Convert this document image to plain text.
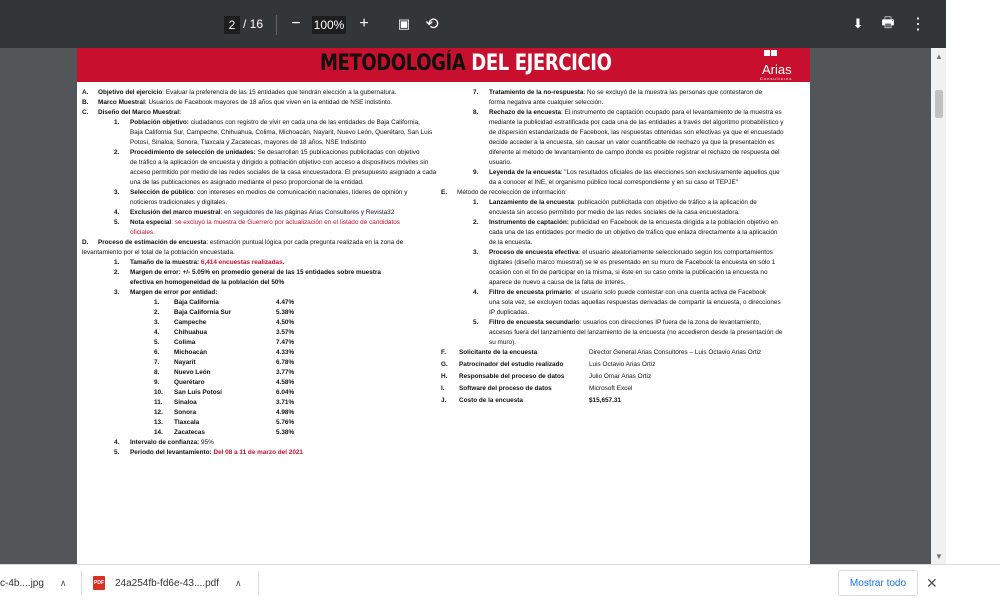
2 / 16	−	100% +	▣ ⟲	⬇	🖶 ⋮
▲
▼
METODOLOGÍA DEL EJERCICIO	Arias
Consultores
A. Objetivo del ejercicio: Evaluar la preferencia de las 15 entidades que tendrán elección a la gubernatura.
B. Marco Muestral: Usuarios de Facebook mayores de 18 años que viven en la entidad de NSE indistinto.
C. Diseño del Marco Muestral:
1. Población objetivo: ciudadanos con registro de vivir en cada una de las entidades de Baja California,
Baja California Sur, Campeche, Chihuahua, Colima, Michoacán, Nayarit, Nuevo León, Querétaro, San Luis
Potosí, Sinaloa, Sonora, Tlaxcala y Zacatecas, mayores de 18 años, NSE Indistinto
2. Procedimiento de selección de unidades: Se desarrollan 15 publicaciones publicitadas con objetivo
de tráfico a la aplicación de encuesta y dirigido a población objetivo con acceso a dispositivos móviles sin
acceso permitido por medio de las redes sociales de la casa encuestadora. El presupuesto asignado a cada
una de las publicaciones es asignado mediante el peso proporcional de la entidad.
3. Selección de público: con intereses en medios de comunicación nacionales, líderes de opinión y
noticieros tradicionales y digitales.
4. Exclusión del marco muestral: en seguidores de las páginas Arias Consultores y Revista32
5. Nota especial: se excluyó la muestra de Guerrero por actualización en el listado de candidatos
oficiales.
D. Proceso de estimación de encuesta: estimación puntual lógica por cada pregunta realizada en la zona de
levantamiento por el total de la población encuestada.
1. Tamaño de la muestra: 6,414 encuestas realizadas.
2. Margen de error: +/- 5.05% en promedio general de las 15 entidades sobre muestra
efectiva en homogeneidad de la población del 50%
3. Margen de error por entidad:
1. Baja California	4.47%
2. Baja California Sur	5.38%
3. Campeche	4.50%
4. Chihuahua	3.57%
5. Colima	7.47%
6. Michoacán	4.33%
7. Nayarit	6.78%
8. Nuevo León	3.77%
9. Querétaro	4.58%
10. San Luis Potosí	6.04%
11. Sinaloa	3.71%
12. Sonora	4.98%
13. Tlaxcala	5.76%
14. Zacatecas	5.38%
4. Intervalo de confianza: 95%
5. Periodo del levantamiento: Del 08 a 11 de marzo del 2021
7. Tratamiento de la no-respuesta: No se excluyó de la muestra las personas que contestaron de
forma negativa ante cualquier selección.
8. Rechazo de la encuesta: El instrumento de captación ocupado para el levantamiento de la muestra es
mediante la publicidad estratificada por cada una de las entidades a través del algoritmo probabilístico y
de dispersión estandarizada de Facebook, las respuestas obtenidas son efectivas ya que el encuestado
decide acceder a la encuesta, sin causar un valor cuantificable de rechazo ya que la presentación es
diferente al método de levantamiento de campo donde es posible registrar el rechazo de respuesta del
usuario.
9. Leyenda de la encuesta: "Los resultados oficiales de las elecciones son exclusivamente aquellos que
da a conocer el INE, el organismo público local correspondiente y en su caso el TEPJE"
E. Método de recolección de información:
1. Lanzamiento de la encuesta: publicación publicitada con objetivo de tráfico a la aplicación de
encuesta sin acceso permitido por medio de las redes sociales de la casa encuestadora.
2. Instrumento de captación: publicidad en Facebook de la encuesta dirigida a la población objetivo en
cada una de las entidades por medio de un objetivo de tráfico que enlaza directamente a la aplicación
de la encuesta.
3. Proceso de encuesta efectiva: el usuario aleatoriamente seleccionado según los comportamientos
digitales (diseño marco muestral) se le es presentado en su muro de Facebook la encuesta en sólo 1
ocasión con el fin de participar en la misma, si éste en su caso omite la publicación la encuesta no
aparece de nuevo a causa de la falta de interés.
4. Filtro de encuesta primario: el usuario solo puede contestar con una cuenta activa de Facebook
una sola vez, se excluyen todas aquellas respuestas derivadas de compartir la encuesta, o direcciones
IP duplicadas.
5. Filtro de encuesta secundario: usuarios con direcciones IP fuera de la zona de levantamiento,
accesos fuera del lanzamiento del lanzamiento de la encuesta (no accedieron desde la presentación de
su muro).
F. Solicitante de la encuesta	Director General Arias Consultores – Luis Octavio Arias Ortiz
G. Patrocinador del estudio realizado	Luis Octavio Arias Ortiz
H. Responsable del proceso de datos	Julio Omar Arias Ortiz
I. Software del proceso de datos	Microsoft Excel
J. Costo de la encuesta	$15,657.31
c-4b....jpg ∧	PDF 24a254fb-fd6e-43....pdf ∧	Mostrar todo	✕
